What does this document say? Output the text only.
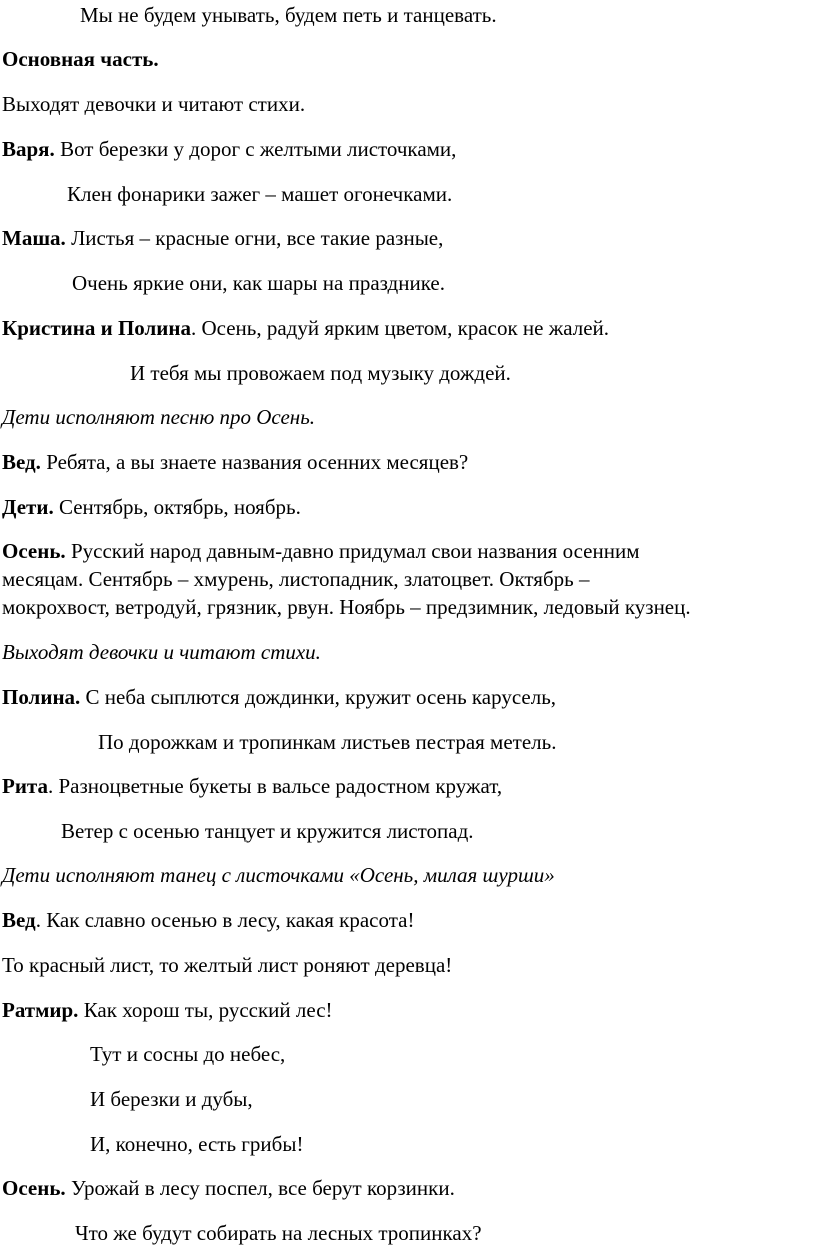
Мы не будем унывать, будем петь и танцевать.
Основная часть.
Выходят девочки и читают стихи.
Варя. Вот березки у дорог с желтыми листочками,
Клен фонарики зажег – машет огонечками.
Маша. Листья – красные огни, все такие разные,
Очень яркие они, как шары на празднике.
Кристина и Полина. Осень, радуй ярким цветом, красок не жалей.
И тебя мы провожаем под музыку дождей.
Дети исполняют песню про Осень.
Вед. Ребята, а вы знаете названия осенних месяцев?
Дети. Сентябрь, октябрь, ноябрь.
Осень. Русский народ давным-давно придумал свои названия осенним
месяцам. Сентябрь – хмурень, листопадник, златоцвет. Октябрь –
мокрохвост, ветродуй, грязник, рвун. Ноябрь – предзимник, ледовый кузнец.
Выходят девочки и читают стихи.
Полина. С неба сыплются дождинки, кружит осень карусель,
По дорожкам и тропинкам листьев пестрая метель.
Рита. Разноцветные букеты в вальсе радостном кружат,
Ветер с осенью танцует и кружится листопад.
Дети исполняют танец с листочками «Осень, милая шурши»
Вед. Как славно осенью в лесу, какая красота!
То красный лист, то желтый лист роняют деревца!
Ратмир. Как хорош ты, русский лес!
Тут и сосны до небес,
И березки и дубы,
И, конечно, есть грибы!
Осень. Урожай в лесу поспел, все берут корзинки.
Что же будут собирать на лесных тропинках?
